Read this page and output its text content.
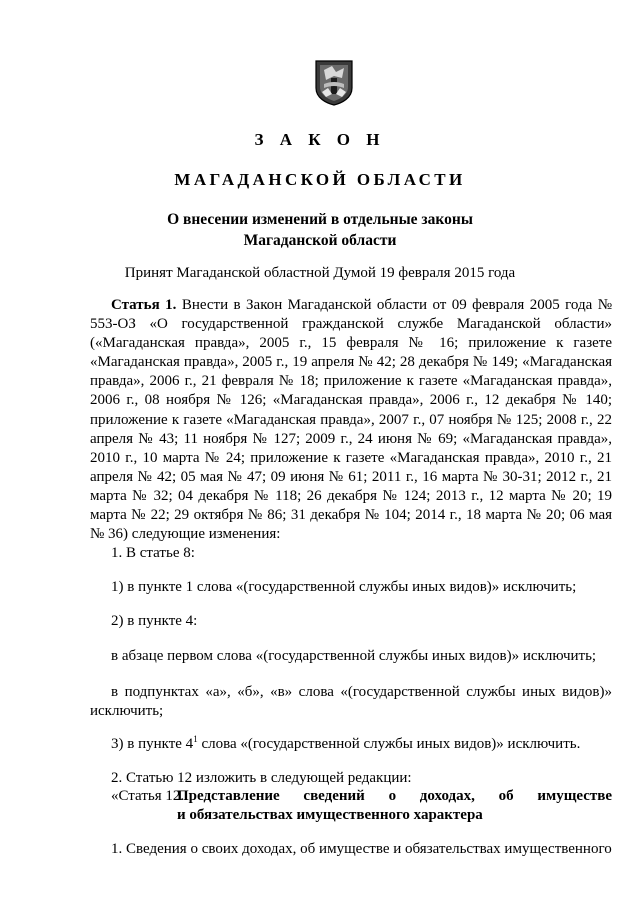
З А К О Н
МАГАДАНСКОЙ ОБЛАСТИ
О внесении изменений в отдельные законы
Магаданской области
Принят Магаданской областной Думой 19 февраля 2015 года
Статья 1. Внести в Закон Магаданской области от 09 февраля 2005 года № 553-ОЗ «О государственной гражданской службе Магаданской области» («Магаданская правда», 2005 г., 15 февраля № 16; приложение к газете «Магаданская правда», 2005 г., 19 апреля № 42; 28 декабря № 149; «Магаданская правда», 2006 г., 21 февраля № 18; приложение к газете «Магаданская правда», 2006 г., 08 ноября № 126; «Магаданская правда», 2006 г., 12 декабря № 140; приложение к газете «Магаданская правда», 2007 г., 07 ноября № 125; 2008 г., 22 апреля № 43; 11 ноября № 127; 2009 г., 24 июня № 69; «Магаданская правда», 2010 г., 10 марта № 24; приложение к газете «Магаданская правда», 2010 г., 21 апреля № 42; 05 мая № 47; 09 июня № 61; 2011 г., 16 марта № 30-31; 2012 г., 21 марта № 32; 04 декабря № 118; 26 декабря № 124; 2013 г., 12 марта № 20; 19 марта № 22; 29 октября № 86; 31 декабря № 104; 2014 г., 18 марта № 20; 06 мая № 36) следующие изменения:
1. В статье 8:
1) в пункте 1 слова «(государственной службы иных видов)» исключить;
2) в пункте 4:
в абзаце первом слова «(государственной службы иных видов)» исключить;
в подпунктах «а», «б», «в» слова «(государственной службы иных видов)» исключить;
3) в пункте $4^1$ слова «(государственной службы иных видов)» исключить.
2. Статью 12 изложить в следующей редакции:
«Статья 12.
Представление сведений о доходах, об имуществе
и обязательствах имущественного характера
1. Сведения о своих доходах, об имуществе и обязательствах имущественного
